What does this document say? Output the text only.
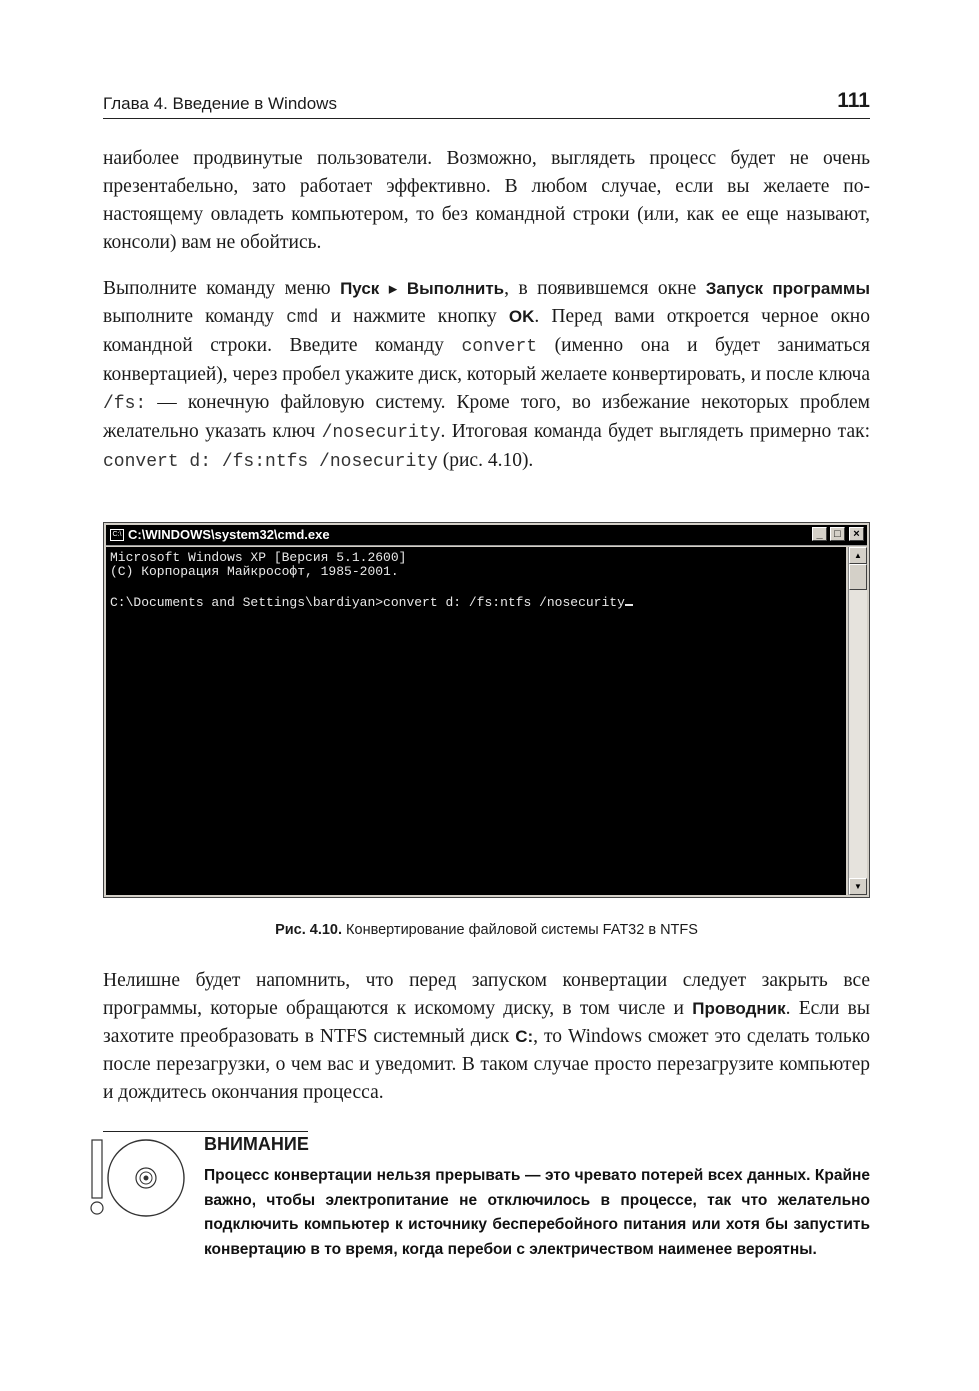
Глава 4. Введение в Windows	111

наиболее продвинутые пользователи. Возможно, выглядеть процесс будет не очень презентабельно, зато работает эффективно. В любом случае, если вы желаете по-настоящему овладеть компьютером, то без командной строки (или, как ее еще называют, консоли) вам не обойтись.

Выполните команду меню Пуск ▸ Выполнить, в появившемся окне Запуск программы выполните команду cmd и нажмите кнопку OK. Перед вами откроется черное окно командной строки. Введите команду convert (именно она и будет заниматься конвертацией), через пробел укажите диск, который желаете конвертировать, и после ключа /fs: — конечную файловую систему. Кроме того, во избежание некоторых проблем желательно указать ключ /nosecurity. Итоговая команда будет выглядеть примерно так: convert d: /fs:ntfs /nosecurity (рис. 4.10).

C:\ C:\WINDOWS\system32\cmd.exe	_	□	×
Microsoft Windows XP [Версия 5.1.2600]
(C) Корпорация Майкрософт, 1985-2001.

C:\Documents and Settings\bardiyan>convert d: /fs:ntfs /nosecurity
▲
▼
Рис. 4.10. Конвертирование файловой системы FAT32 в NTFS

Нелишне будет напомнить, что перед запуском конвертации следует закрыть все программы, которые обращаются к искомому диску, в том числе и Проводник. Если вы захотите преобразовать в NTFS системный диск C:, то Windows сможет это сделать только после перезагрузки, о чем вас и уведомит. В таком случае просто перезагрузите компьютер и дождитесь окончания процесса.

ВНИМАНИЕ

Процесс конвертации нельзя прерывать — это чревато потерей всех данных. Крайне важно, чтобы электропитание не отключилось в процессе, так что желательно подключить компьютер к источнику бесперебойного питания или хотя бы запустить конвертацию в то время, когда перебои с электричеством наименее вероятны.
